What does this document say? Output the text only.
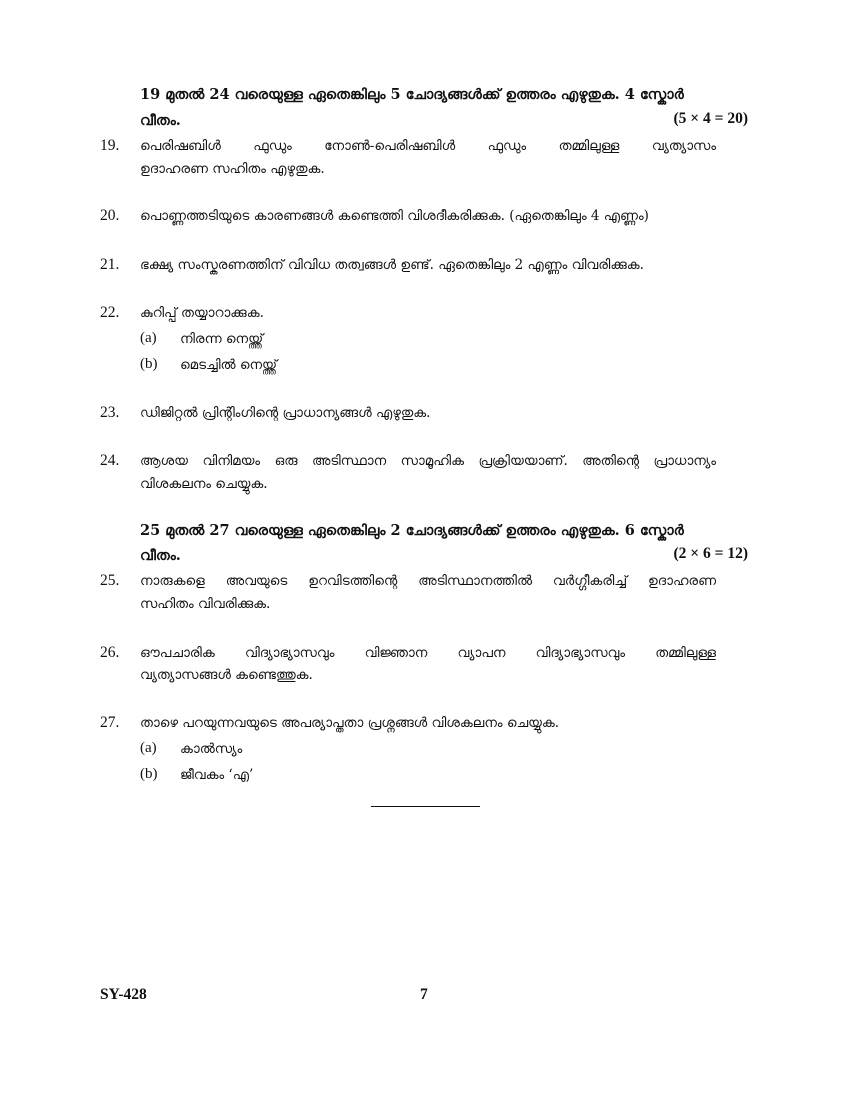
19 മുതൽ 24 വരെയുള്ള ഏതെങ്കിലും 5 ചോദ്യങ്ങൾക്ക് ഉത്തരം എഴുതുക. 4 സ്കോർ
വീതം.	(5 × 4 = 20)
19.	പെരിഷബിൾ ഫുഡും നോൺ-പെരിഷബിൾ ഫുഡും തമ്മിലുള്ള വ്യത്യാസം
ഉദാഹരണ സഹിതം എഴുതുക.
20.	പൊണ്ണത്തടിയുടെ കാരണങ്ങൾ കണ്ടെത്തി വിശദീകരിക്കുക. (ഏതെങ്കിലും 4 എണ്ണം)
21.	ഭക്ഷ്യ സംസ്കരണത്തിന് വിവിധ തത്വങ്ങൾ ഉണ്ട്. ഏതെങ്കിലും 2 എണ്ണം വിവരിക്കുക.
22.	കുറിപ്പ് തയ്യാറാക്കുക.
(a) നിരന്ന നെയ്ത്ത്
(b) മെടച്ചിൽ നെയ്ത്ത്
23.	ഡിജിറ്റൽ പ്രിന്റിംഗിന്റെ പ്രാധാന്യങ്ങൾ എഴുതുക.
24.	ആശയ വിനിമയം ഒരു അടിസ്ഥാന സാമൂഹിക പ്രക്രിയയാണ്. അതിന്റെ പ്രാധാന്യം
വിശകലനം ചെയ്യുക.
25 മുതൽ 27 വരെയുള്ള ഏതെങ്കിലും 2 ചോദ്യങ്ങൾക്ക് ഉത്തരം എഴുതുക. 6 സ്കോർ
വീതം.	(2 × 6 = 12)
25.	നാരുകളെ അവയുടെ ഉറവിടത്തിന്റെ അടിസ്ഥാനത്തിൽ വർഗ്ഗീകരിച്ച് ഉദാഹരണ
സഹിതം വിവരിക്കുക.
26.	ഔപചാരിക വിദ്യാഭ്യാസവും വിജ്ഞാന വ്യാപന വിദ്യാഭ്യാസവും തമ്മിലുള്ള
വ്യത്യാസങ്ങൾ കണ്ടെത്തുക.
27.	താഴെ പറയുന്നവയുടെ അപര്യാപ്തതാ പ്രശ്നങ്ങൾ വിശകലനം ചെയ്യുക.
(a) കാൽസ്യം
(b) ജീവകം ‘എ’
SY-428	7
